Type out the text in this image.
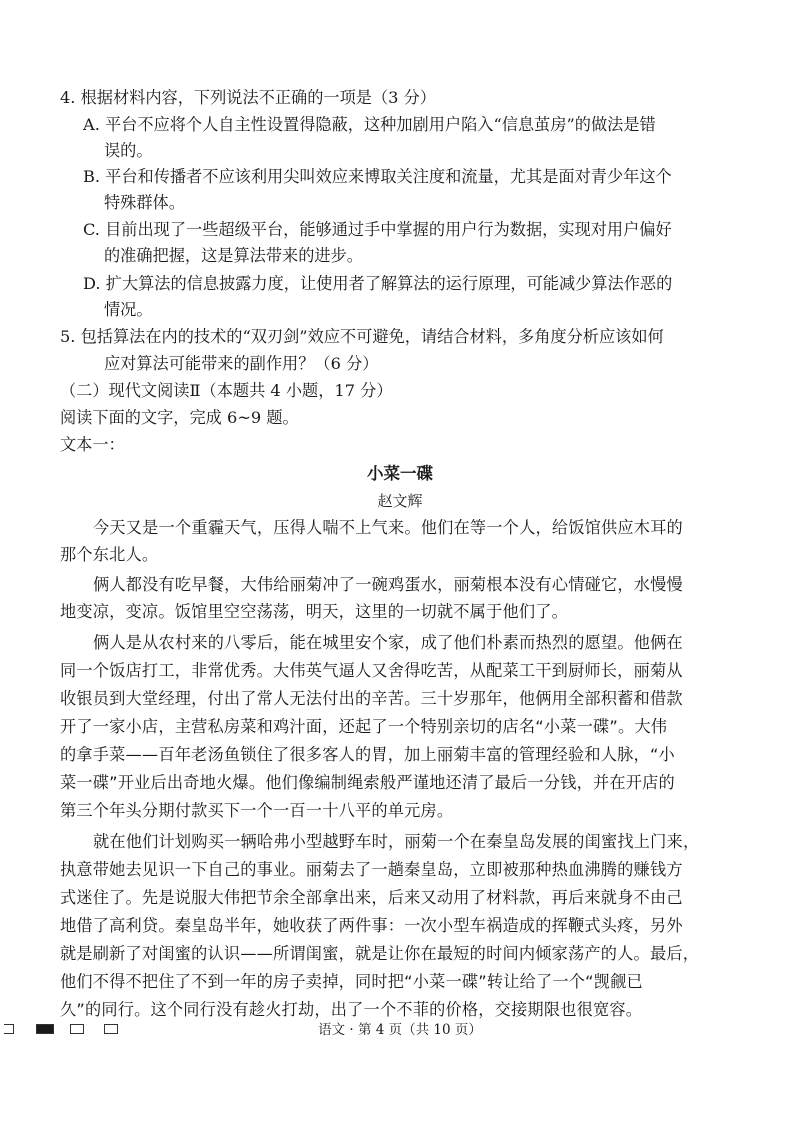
4. 根据材料内容，下列说法不正确的一项是（3 分）
A. 平台不应将个人自主性设置得隐蔽，这种加剧用户陷入“信息茧房”的做法是错
误的。
B. 平台和传播者不应该利用尖叫效应来博取关注度和流量，尤其是面对青少年这个
特殊群体。
C. 目前出现了一些超级平台，能够通过手中掌握的用户行为数据，实现对用户偏好
的准确把握，这是算法带来的进步。
D. 扩大算法的信息披露力度，让使用者了解算法的运行原理，可能减少算法作恶的
情况。
5. 包括算法在内的技术的“双刃剑”效应不可避免，请结合材料，多角度分析应该如何
应对算法可能带来的副作用？（6 分）
（二）现代文阅读Ⅱ（本题共 4 小题，17 分）
阅读下面的文字，完成 6~9 题。
文本一：
小菜一碟
赵文辉
今天又是一个重霾天气，压得人喘不上气来。他们在等一个人，给饭馆供应木耳的
那个东北人。
俩人都没有吃早餐，大伟给丽菊冲了一碗鸡蛋水，丽菊根本没有心情碰它，水慢慢
地变凉，变凉。饭馆里空空荡荡，明天，这里的一切就不属于他们了。
俩人是从农村来的八零后，能在城里安个家，成了他们朴素而热烈的愿望。他俩在
同一个饭店打工，非常优秀。大伟英气逼人又舍得吃苦，从配菜工干到厨师长，丽菊从
收银员到大堂经理，付出了常人无法付出的辛苦。三十岁那年，他俩用全部积蓄和借款
开了一家小店，主营私房菜和鸡汁面，还起了一个特别亲切的店名“小菜一碟”。大伟
的拿手菜——百年老汤鱼锁住了很多客人的胃，加上丽菊丰富的管理经验和人脉，“小
菜一碟”开业后出奇地火爆。他们像编制绳索般严谨地还清了最后一分钱，并在开店的
第三个年头分期付款买下一个一百一十八平的单元房。
就在他们计划购买一辆哈弗小型越野车时，丽菊一个在秦皇岛发展的闺蜜找上门来，
执意带她去见识一下自己的事业。丽菊去了一趟秦皇岛，立即被那种热血沸腾的赚钱方
式迷住了。先是说服大伟把节余全部拿出来，后来又动用了材料款，再后来就身不由己
地借了高利贷。秦皇岛半年，她收获了两件事：一次小型车祸造成的挥鞭式头疼，另外
就是刷新了对闺蜜的认识——所谓闺蜜，就是让你在最短的时间内倾家荡产的人。最后，
他们不得不把住了不到一年的房子卖掉，同时把“小菜一碟”转让给了一个“觊觎已
久”的同行。这个同行没有趁火打劫，出了一个不菲的价格，交接期限也很宽容。
语文 · 第 4 页（共 10 页）
